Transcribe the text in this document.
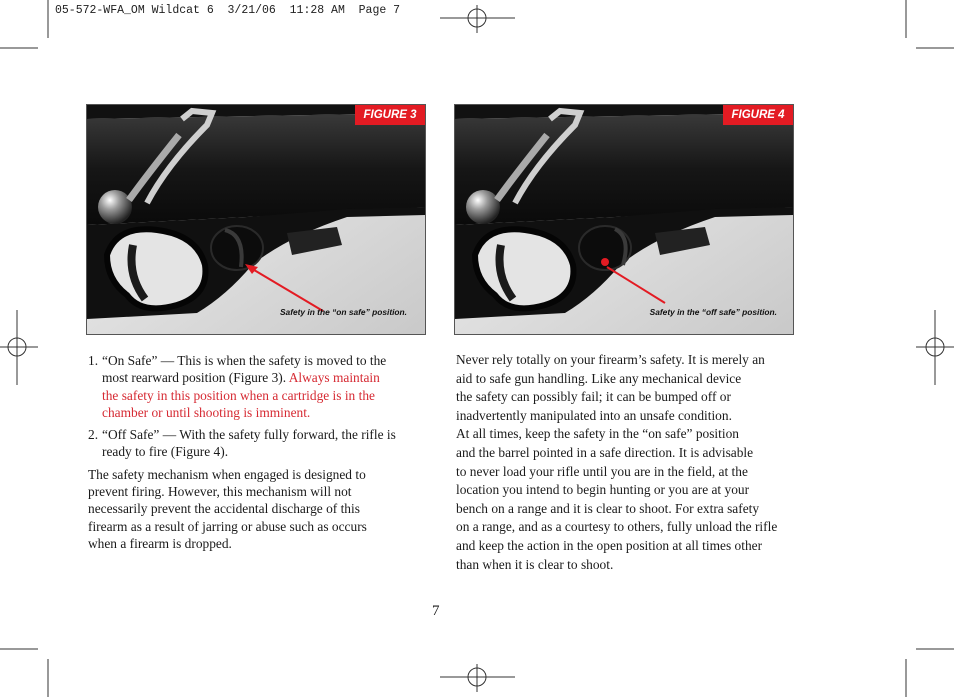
05-572-WFA_OM Wildcat 6  3/21/06  11:28 AM  Page 7
FIGURE 3
Safety in the “on safe” position.
FIGURE 4
Safety in the “off safe” position.
1. “On Safe” — This is when the safety is moved to the
most rearward position (Figure 3). Always maintain
the safety in this position when a cartridge is in the
chamber or until shooting is imminent.
2. “Off Safe” — With the safety fully forward, the rifle is
ready to fire (Figure 4).

The safety mechanism when engaged is designed to
prevent firing. However, this mechanism will not
necessarily prevent the accidental discharge of this
firearm as a result of jarring or abuse such as occurs
when a firearm is dropped.

Never rely totally on your firearm’s safety. It is merely an
aid to safe gun handling. Like any mechanical device
the safety can possibly fail; it can be bumped off or
inadvertently manipulated into an unsafe condition.
At all times, keep the safety in the “on safe” position
and the barrel pointed in a safe direction. It is advisable
to never load your rifle until you are in the field, at the
location you intend to begin hunting or you are at your
bench on a range and it is clear to shoot. For extra safety
on a range, and as a courtesy to others, fully unload the rifle
and keep the action in the open position at all times other
than when it is clear to shoot.

7
